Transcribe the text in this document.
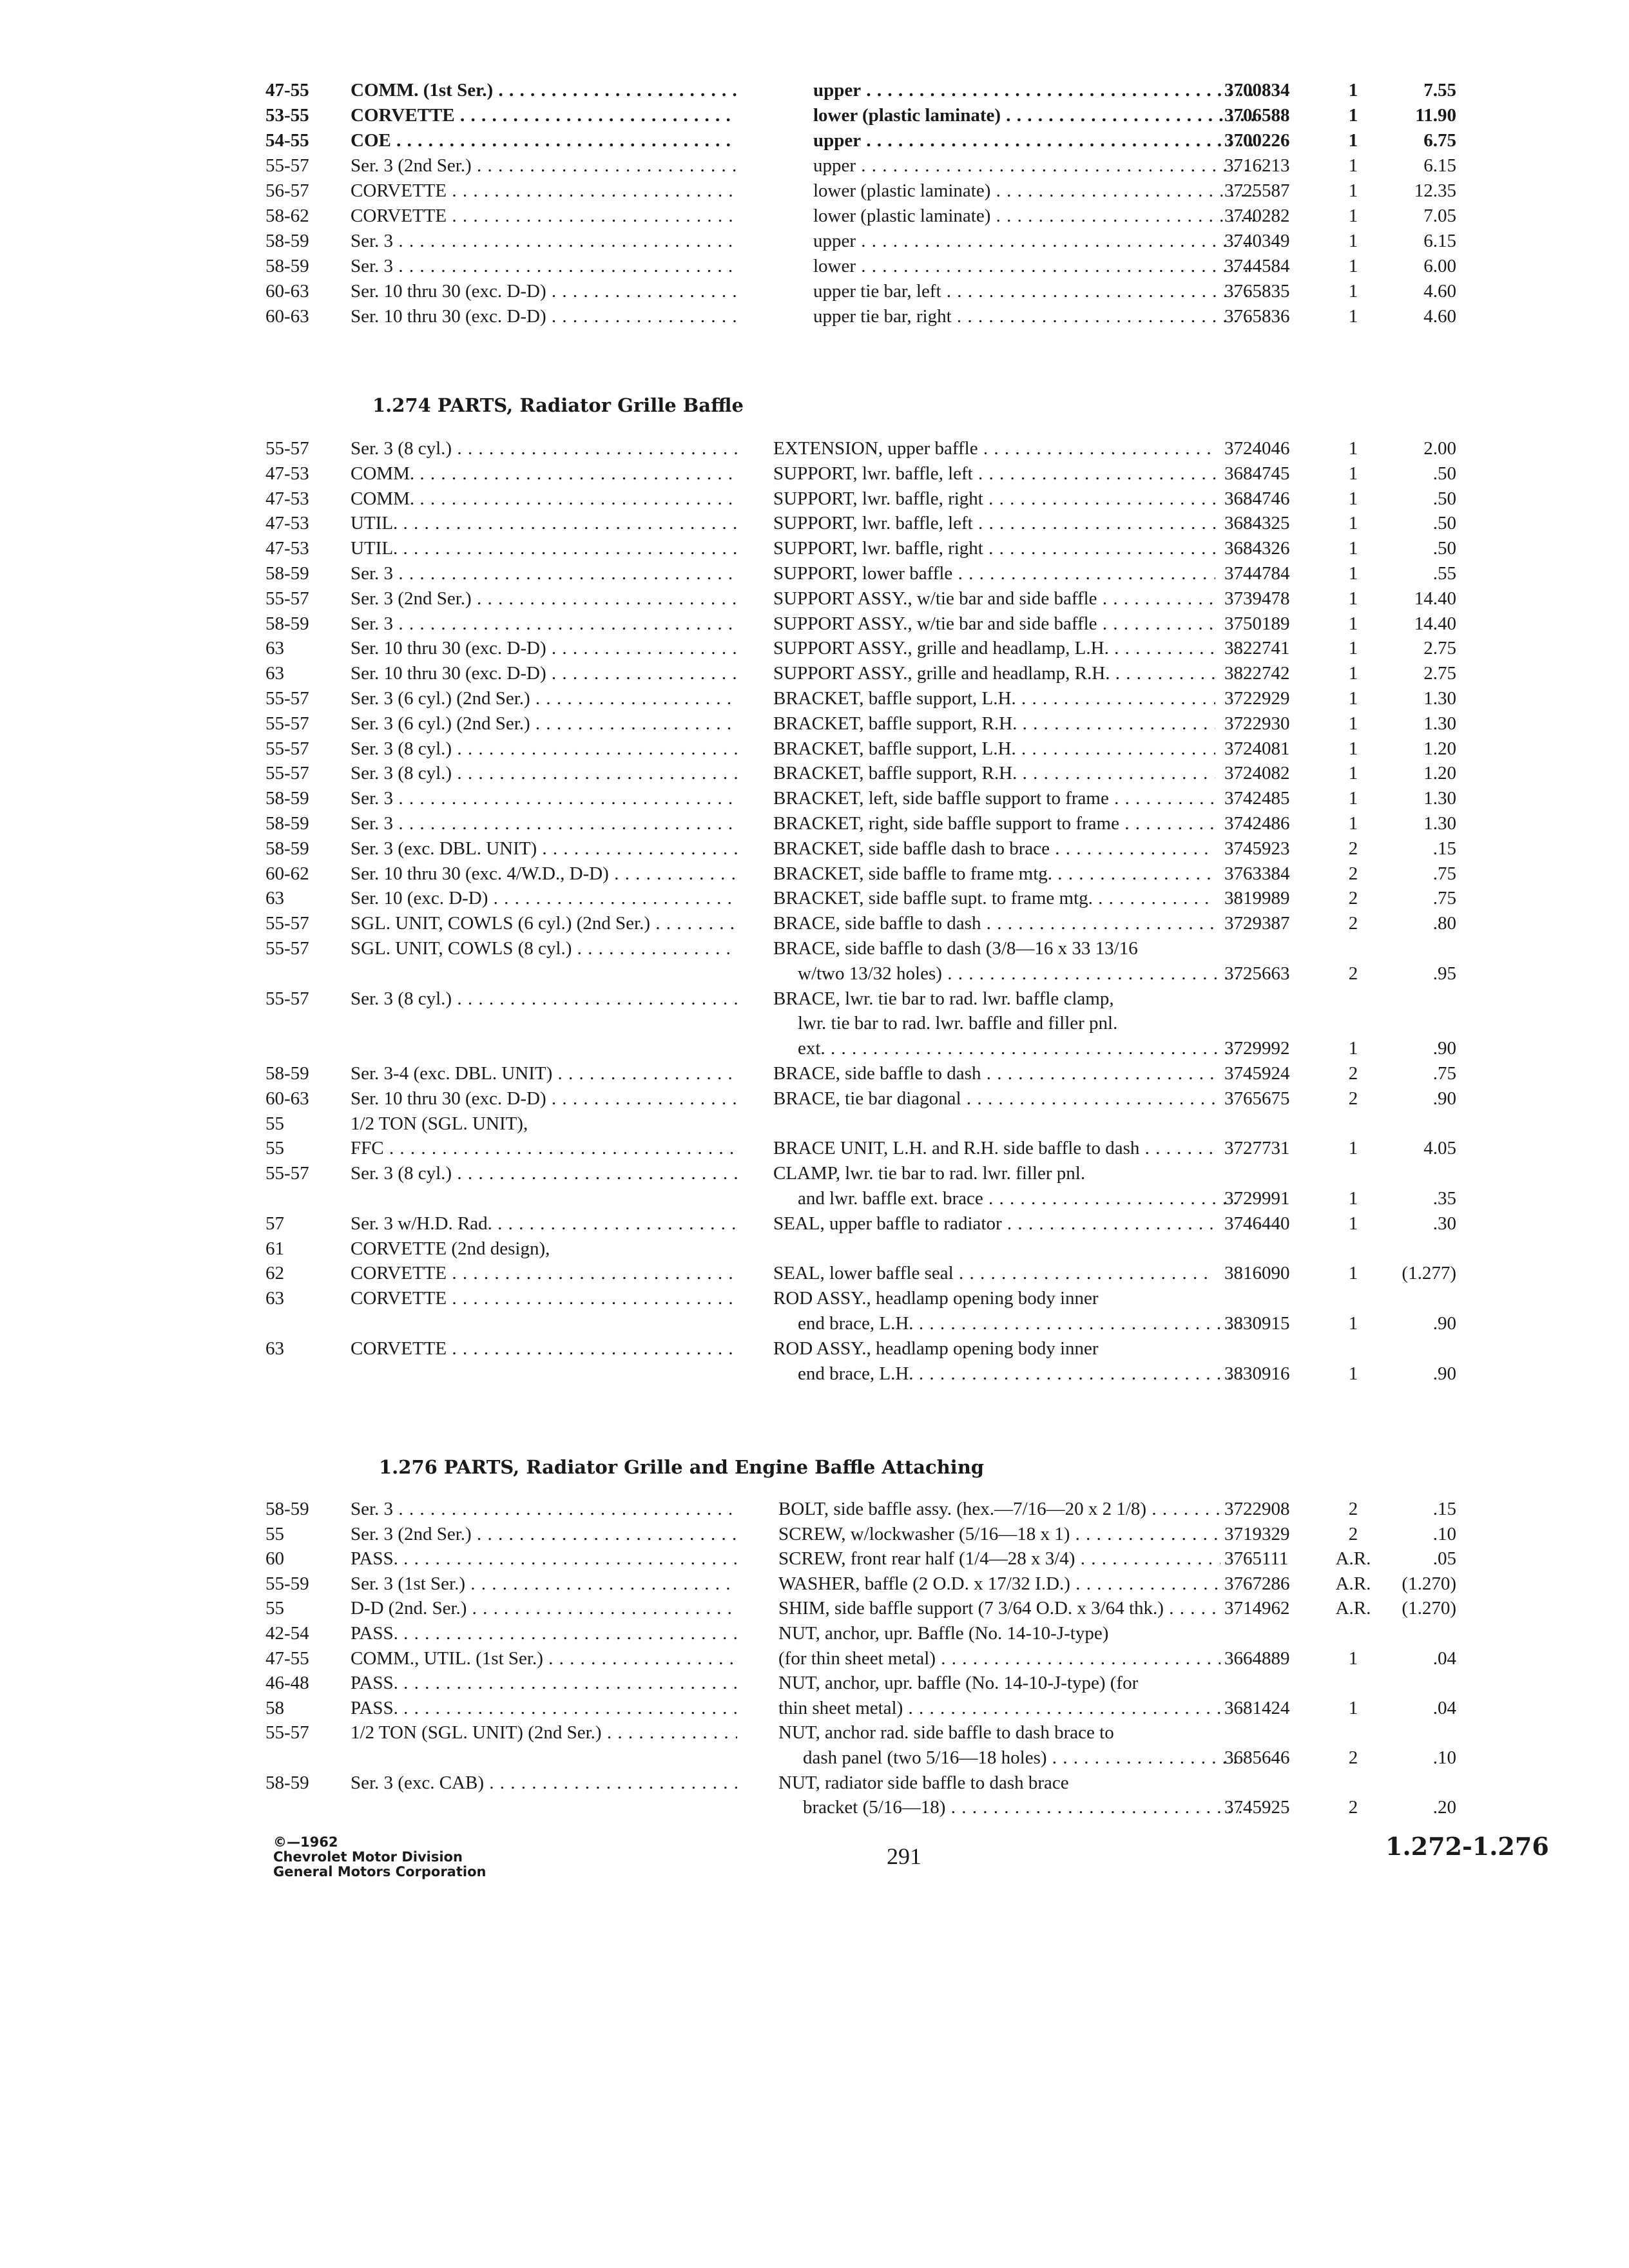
47-55	COMM. (1st Ser.) . . .	upper . . .	3700834	1	7.55
53-55	CORVETTE . . .	lower (plastic laminate) . . .	3706588	1	11.90
54-55	COE . . .	upper . . .	3700226	1	6.75
55-57	Ser. 3 (2nd Ser.) . . .	upper . . .	3716213	1	6.15
56-57	CORVETTE . . .	lower (plastic laminate) . . .	3725587	1	12.35
58-62	CORVETTE . . .	lower (plastic laminate) . . .	3740282	1	7.05
58-59	Ser. 3 . . .	upper . . .	3740349	1	6.15
58-59	Ser. 3 . . .	lower . . .	3744584	1	6.00
60-63	Ser. 10 thru 30 (exc. D-D) . . .	upper tie bar, left . . .	3765835	1	4.60
60-63	Ser. 10 thru 30 (exc. D-D) . . .	upper tie bar, right . . .	3765836	1	4.60
1.274 PARTS, Radiator Grille Baffle
55-57	Ser. 3 (8 cyl.) . . .	EXTENSION, upper baffle . . .	3724046	1	2.00
47-53	COMM. . . .	SUPPORT, lwr. baffle, left . . .	3684745	1	.50
47-53	COMM. . . .	SUPPORT, lwr. baffle, right . . .	3684746	1	.50
47-53	UTIL. . . .	SUPPORT, lwr. baffle, left . . .	3684325	1	.50
47-53	UTIL. . . .	SUPPORT, lwr. baffle, right . . .	3684326	1	.50
58-59	Ser. 3 . . .	SUPPORT, lower baffle . . .	3744784	1	.55
55-57	Ser. 3 (2nd Ser.) . . .	SUPPORT ASSY., w/tie bar and side baffle . . .	3739478	1	14.40
58-59	Ser. 3 . . .	SUPPORT ASSY., w/tie bar and side baffle . . .	3750189	1	14.40
63	Ser. 10 thru 30 (exc. D-D) . . .	SUPPORT ASSY., grille and headlamp, L.H. . . .	3822741	1	2.75
63	Ser. 10 thru 30 (exc. D-D) . . .	SUPPORT ASSY., grille and headlamp, R.H. . . .	3822742	1	2.75
55-57	Ser. 3 (6 cyl.) (2nd Ser.) . . .	BRACKET, baffle support, L.H. . . .	3722929	1	1.30
55-57	Ser. 3 (6 cyl.) (2nd Ser.) . . .	BRACKET, baffle support, R.H. . . .	3722930	1	1.30
55-57	Ser. 3 (8 cyl.) . . .	BRACKET, baffle support, L.H. . . .	3724081	1	1.20
55-57	Ser. 3 (8 cyl.) . . .	BRACKET, baffle support, R.H. . . .	3724082	1	1.20
58-59	Ser. 3 . . .	BRACKET, left, side baffle support to frame . . .	3742485	1	1.30
58-59	Ser. 3 . . .	BRACKET, right, side baffle support to frame . . .	3742486	1	1.30
58-59	Ser. 3 (exc. DBL. UNIT) . . .	BRACKET, side baffle dash to brace . . .	3745923	2	.15
60-62	Ser. 10 thru 30 (exc. 4/W.D., D-D) . . .	BRACKET, side baffle to frame mtg. . . .	3763384	2	.75
63	Ser. 10 (exc. D-D) . . .	BRACKET, side baffle supt. to frame mtg. . . .	3819989	2	.75
55-57	SGL. UNIT, COWLS (6 cyl.) (2nd Ser.) . . .	BRACE, side baffle to dash . . .	3729387	2	.80
55-57	SGL. UNIT, COWLS (8 cyl.) . . .	BRACE, side baffle to dash (3/8—16 x 33 13/16
w/two 13/32 holes) . . .	3725663	2	.95
55-57	Ser. 3 (8 cyl.) . . .	BRACE, lwr. tie bar to rad. lwr. baffle clamp,
lwr. tie bar to rad. lwr. baffle and filler pnl.
ext. . . .	3729992	1	.90
58-59	Ser. 3-4 (exc. DBL. UNIT) . . .	BRACE, side baffle to dash . . .	3745924	2	.75
60-63	Ser. 10 thru 30 (exc. D-D) . . .	BRACE, tie bar diagonal . . .	3765675	2	.90
55	1/2 TON (SGL. UNIT),
55	FFC . . .	BRACE UNIT, L.H. and R.H. side baffle to dash . . .	3727731	1	4.05
55-57	Ser. 3 (8 cyl.) . . .	CLAMP, lwr. tie bar to rad. lwr. filler pnl.
and lwr. baffle ext. brace . . .	3729991	1	.35
57	Ser. 3 w/H.D. Rad. . . .	SEAL, upper baffle to radiator . . .	3746440	1	.30
61	CORVETTE (2nd design),
62	CORVETTE . . .	SEAL, lower baffle seal . . .	3816090	1	(1.277)
63	CORVETTE . . .	ROD ASSY., headlamp opening body inner
end brace, L.H. . . .	3830915	1	.90
63	CORVETTE . . .	ROD ASSY., headlamp opening body inner
end brace, L.H. . . .	3830916	1	.90
1.276 PARTS, Radiator Grille and Engine Baffle Attaching
58-59	Ser. 3 . . .	BOLT, side baffle assy. (hex.—7/16—20 x 2 1/8) . . .	3722908	2	.15
55	Ser. 3 (2nd Ser.) . . .	SCREW, w/lockwasher (5/16—18 x 1) . . .	3719329	2	.10
60	PASS. . . .	SCREW, front rear half (1/4—28 x 3/4) . . .	3765111	A.R.	.05
55-59	Ser. 3 (1st Ser.) . . .	WASHER, baffle (2 O.D. x 17/32 I.D.) . . .	3767286	A.R.	(1.270)
55	D-D (2nd. Ser.) . . .	SHIM, side baffle support (7 3/64 O.D. x 3/64 thk.) . . .	3714962	A.R.	(1.270)
42-54	PASS. . . .	NUT, anchor, upr. Baffle (No. 14-10-J-type)
47-55	COMM., UTIL. (1st Ser.) . . .	(for thin sheet metal) . . .	3664889	1	.04
46-48	PASS. . . .	NUT, anchor, upr. baffle (No. 14-10-J-type) (for
58	PASS. . . .	thin sheet metal) . . .	3681424	1	.04
55-57	1/2 TON (SGL. UNIT) (2nd Ser.) . . .	NUT, anchor rad. side baffle to dash brace to
dash panel (two 5/16—18 holes) . . .	3685646	2	.10
58-59	Ser. 3 (exc. CAB) . . .	NUT, radiator side baffle to dash brace
bracket (5/16—18) . . .	3745925	2	.20
©—1962
Chevrolet Motor Division
General Motors Corporation
291	1.272-1.276
